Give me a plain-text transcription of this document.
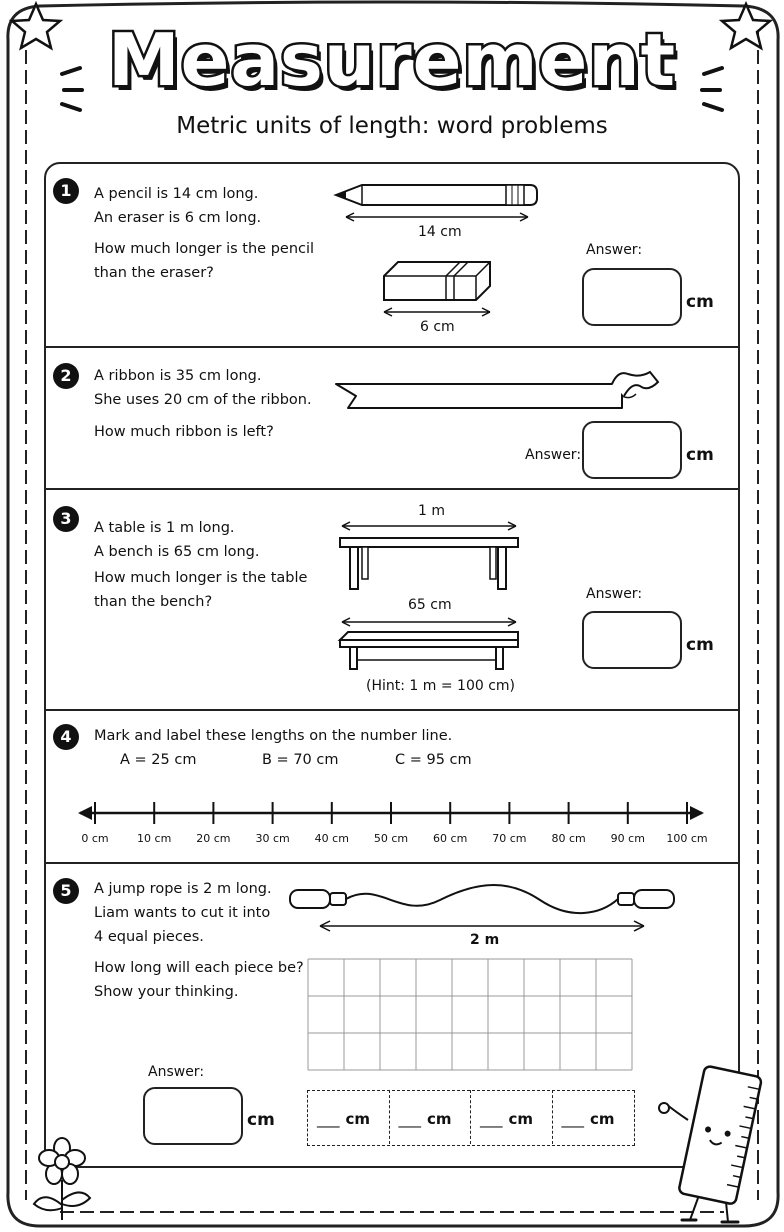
Measurement
Metric units of length: word problems
1	A pencil is 14 cm long.
An eraser is 6 cm long.
How much longer is the pencil
than the eraser?
14 cm
6 cm
Answer:
cm
2	A ribbon is 35 cm long.
She uses 20 cm of the ribbon.
How much ribbon is left?
Answer:	cm
3	A table is 1 m long.
A bench is 65 cm long.
How much longer is the table
than the bench?
1 m
65 cm
(Hint: 1 m = 100 cm)
Answer:
cm
4	Mark and label these lengths on the number line.
A = 25 cm	B = 70 cm	C = 95 cm
0 cm	10 cm 20 cm 30 cm 40 cm 50 cm 60 cm 70 cm 80 cm 90 cm 100 cm
5	A jump rope is 2 m long.
Liam wants to cut it into
4 equal pieces.
How long will each piece be?
Show your thinking.
2 m
Answer:
cm	___ cm ___ cm ___ cm ___ cm
